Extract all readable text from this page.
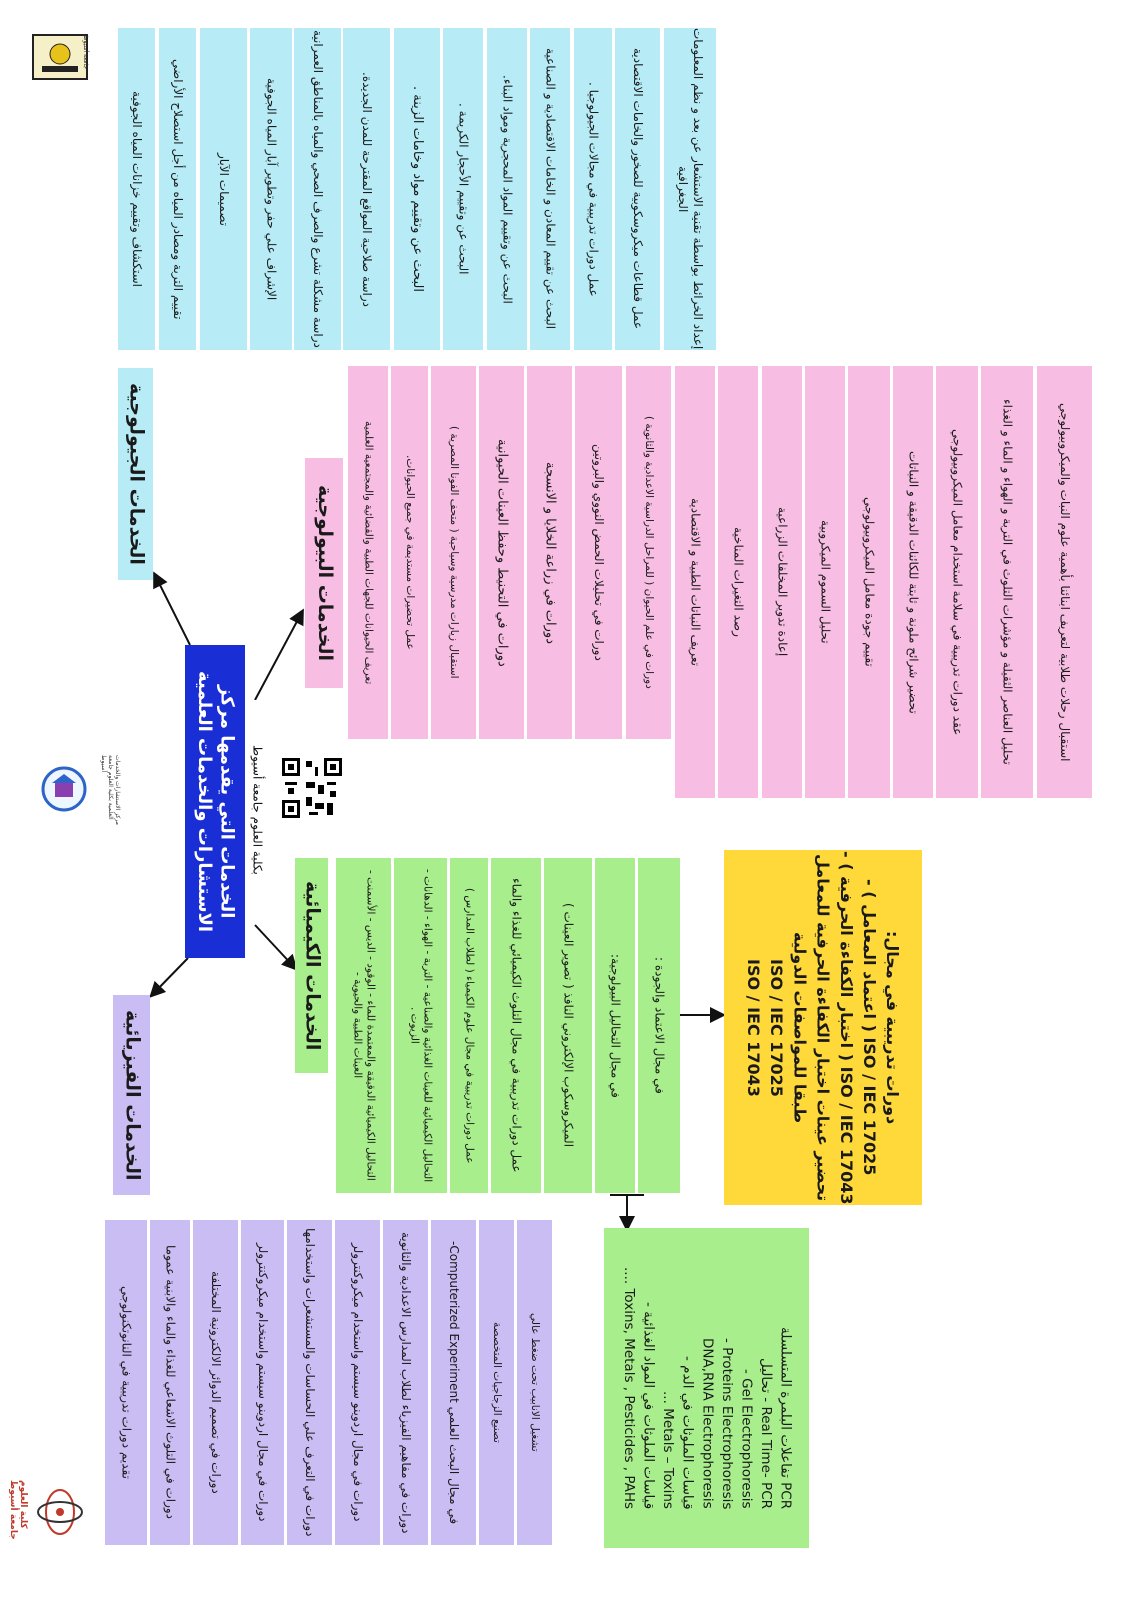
جامعة أسيوط
كلية العلوم جامعة أسيوط
مركز الاستشارات والخدمات العلمية بكلية العلوم جامعة أسيوط	الخدمات التي يقدمها مركز الاستشارات والخدمات العلمية	بكلية العلوم جامعة أسيوط
الخدمات الجيولوجية
الخدمات البيولوجية
الخدمات الكيميائية
الخدمات الفيزيائية
استكشاف وتقييم خزانات المياه الجوفية تقييم التربة ومصادر المياه من أجل استصلاح الأراضي	تصميمات الآبار	الإشراف علي حفر وتطوير آبار المياه الجوفية	دراسة مشكلة تشرع والصرف الصحي والمياه بالمناطق العمرانية	دراسة صلاحية المواقع المقترحة للمدن الجديدة.	البحث عن وتقييم مواد وخامات الزينة .	البحث عن وتقييم الأحجار الكريمة .	البحث عن وتقييم المواد المحجرية ومواد البناء. البحث عن تقييم المعادن و الخامات الاقتصادية و الصناعية عمل دورات تدريبية في مجالات الجيولوجيا .	عمل قطاعات ميكروسكوبية للصخور والخامات الاقتصادية	إعداد الخرائط بواسطة تقنية الاستشعار عن بعد و نظم المعلومات الجغرافية
تعريف الحيوانات للجهات الطبية والقضائية والمجتمعية العلمية	عمل تحضيرات مستديمة في جميع الحيوانات.	استقبال زيارات مدرسية وسياحية ( متحف الفونا المصرية )	دورات في التحنيط وحفظ العينات الحيوانية	دورات في زراعة الخلايا و الانسجة	دورات في تحليلات الحمض النووي والبروتين	دورات في علم الحيوان ( للمراحل الدراسية الاعدادية والثانوية )	تعريف النباتات الطبية و الاقتصادية رصد التغيرات المناخية	إعادة تدوير المخلفات الزراعية تحليل السموم الميكروبية	تقييم جودة معامل الميكروبيولوجي	تحضير شرائح ملونة و ثابتة للكائنات الدقيقة و النباتات	عقد دورات تدريبية في سلامة استخدام معامل الميكروبيولوجي	تحليل العناصر الثقيلة و مؤشرات التلوث في التربة و الهواء و الماء و الغذاء	استقبال رحلات طلابية لتعريف ابنائنا بأهمية علوم النبات والميكروبيولوجي
التحاليل الكيميائية الدقيقة والمعتمدة للماء - الوقود - الديس - الأسمنت - العينات الطبية والحيوية -	التحاليل الكيميائية للعينات الغذائية والصناعية - التربة - الهواء - الدهانات - الزيوت .	عمل دورات تدريبية في مجال علوم الكيمياء ( لطلاب المدارس )	عمل دورات تدريبية في مجال التلوث الكيميائي للغذاء والماء	الميكروسكوب الإلكتروني النافذ ( تصوير العينات )	في مجال التحاليل البيولوجية:	في مجال الاعتماد والجودة :
PCR تفاعلات البلمرة المتسلسلة
Real Time- PCR - تحاليل
Gel Electrophoresis -
Proteins Electrophoresis -
DNA,RNA Electrophoresis
قياسات الملوثات في الدم -
Metals – Toxins ...
قياسات الملوثات في المواد الغذائية -
Toxins, Metals , Pesticides , PAHs ....
دورات تدريبية في مجال:
ISO / IEC 17025 ( اعتماد المعامل ) -
ISO / IEC 17043 ( اختبار الكفاءة الحرفية ) -
تحضير عينات اختبار الكفاءة الحرفية للمعامل طبقا للمواصفات الدولية
ISO / IEC 17025
ISO / IEC 17043
تقديم دورات تدريبية في النانوتكنولوجي	دورات في التلوث الاشعاعي للغذاء والماء والابنية عموما	دورات في تصميم الدوائر الالكترونية المختلفة	دورات في مجال اردوينو سيستم واستخدام ميكروكنترولر	دورات في التعرف علي الحساسات والمستشعرات واستخدامها	دورات في مجال اردوينو سيستم واستخدام ميكروكنترولر	دورات في مفاهيم الفيزياء لطلاب المدارس الاعدادية والثانوية	في مجال البحث العلمي Computerized Experiment-
تصنيع الزجاجيات المتخصصة تشغيل الانابيب تحت ضغط عالي
